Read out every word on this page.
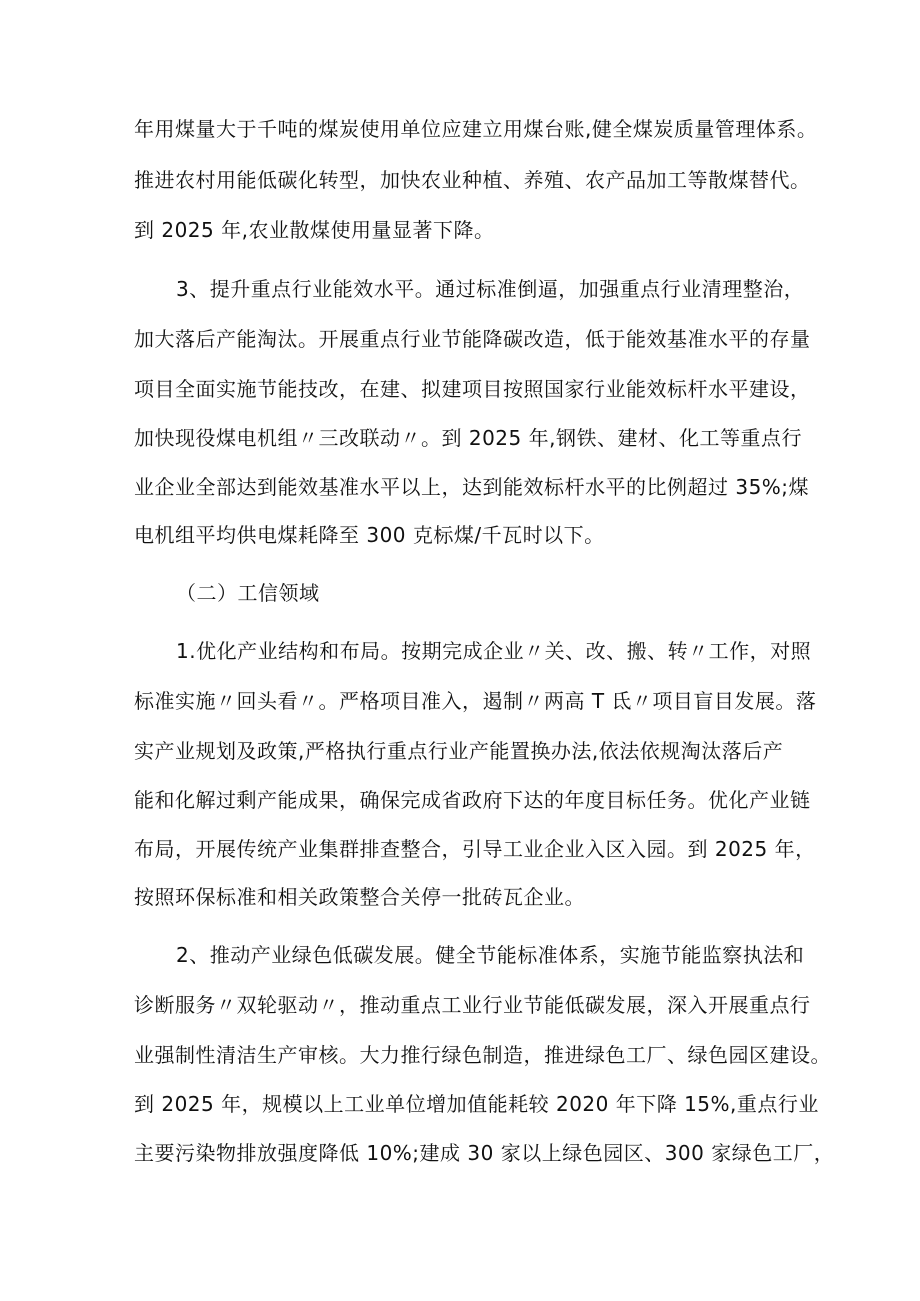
年用煤量大于千吨的煤炭使用单位应建立用煤台账,健全煤炭质量管理体系。
推进农村用能低碳化转型，加快农业种植、养殖、农产品加工等散煤替代。
到 2025 年,农业散煤使用量显著下降。
3、提升重点行业能效水平。通过标准倒逼，加强重点行业清理整治，
加大落后产能淘汰。开展重点行业节能降碳改造，低于能效基准水平的存量
项目全面实施节能技改，在建、拟建项目按照国家行业能效标杆水平建设，
加快现役煤电机组〃三改联动〃。到 2025 年,钢铁、建材、化工等重点行
业企业全部达到能效基准水平以上，达到能效标杆水平的比例超过 35%;煤
电机组平均供电煤耗降至 300 克标煤/千瓦时以下。
（二）工信领域
1.优化产业结构和布局。按期完成企业〃关、改、搬、转〃工作，对照
标准实施〃回头看〃。严格项目准入，遏制〃两高 T 氐〃项目盲目发展。落
实产业规划及政策,严格执行重点行业产能置换办法,依法依规淘汰落后产
能和化解过剩产能成果，确保完成省政府下达的年度目标任务。优化产业链
布局，开展传统产业集群排查整合，引导工业企业入区入园。到 2025 年，
按照环保标准和相关政策整合关停一批砖瓦企业。
2、推动产业绿色低碳发展。健全节能标准体系，实施节能监察执法和
诊断服务〃双轮驱动〃，推动重点工业行业节能低碳发展，深入开展重点行
业强制性清洁生产审核。大力推行绿色制造，推进绿色工厂、绿色园区建设。
到 2025 年，规模以上工业单位增加值能耗较 2020 年下降 15%,重点行业
主要污染物排放强度降低 10%;建成 30 家以上绿色园区、300 家绿色工厂，
